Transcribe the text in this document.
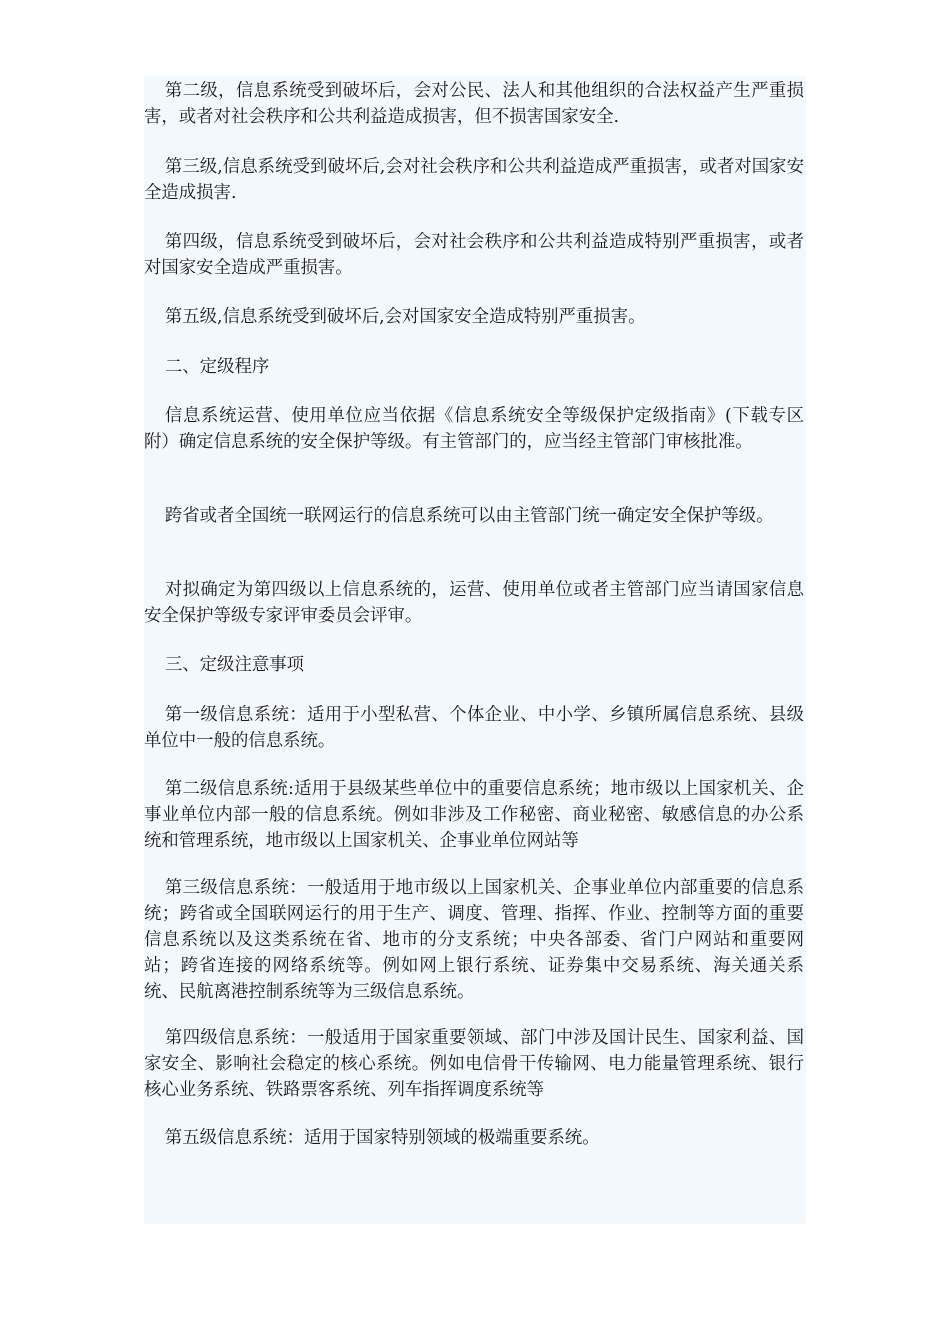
第二级，信息系统受到破坏后，会对公民、法人和其他组织的合法权益产生严重损害，或者对社会秩序和公共利益造成损害，但不损害国家安全.

第三级,信息系统受到破坏后,会对社会秩序和公共利益造成严重损害，或者对国家安全造成损害.

第四级，信息系统受到破坏后，会对社会秩序和公共利益造成特别严重损害，或者对国家安全造成严重损害。

第五级,信息系统受到破坏后,会对国家安全造成特别严重损害。

二、定级程序

信息系统运营、使用单位应当依据《信息系统安全等级保护定级指南》(下载专区附）确定信息系统的安全保护等级。有主管部门的，应当经主管部门审核批准。

跨省或者全国统一联网运行的信息系统可以由主管部门统一确定安全保护等级。

对拟确定为第四级以上信息系统的，运营、使用单位或者主管部门应当请国家信息安全保护等级专家评审委员会评审。

三、定级注意事项

第一级信息系统：适用于小型私营、个体企业、中小学、乡镇所属信息系统、县级单位中一般的信息系统。

第二级信息系统:适用于县级某些单位中的重要信息系统；地市级以上国家机关、企事业单位内部一般的信息系统。例如非涉及工作秘密、商业秘密、敏感信息的办公系统和管理系统，地市级以上国家机关、企事业单位网站等

第三级信息系统：一般适用于地市级以上国家机关、企事业单位内部重要的信息系统；跨省或全国联网运行的用于生产、调度、管理、指挥、作业、控制等方面的重要信息系统以及这类系统在省、地市的分支系统；中央各部委、省门户网站和重要网站；跨省连接的网络系统等。例如网上银行系统、证券集中交易系统、海关通关系统、民航离港控制系统等为三级信息系统。

第四级信息系统：一般适用于国家重要领域、部门中涉及国计民生、国家利益、国家安全、影响社会稳定的核心系统。例如电信骨干传输网、电力能量管理系统、银行核心业务系统、铁路票客系统、列车指挥调度系统等

第五级信息系统：适用于国家特别领域的极端重要系统。
